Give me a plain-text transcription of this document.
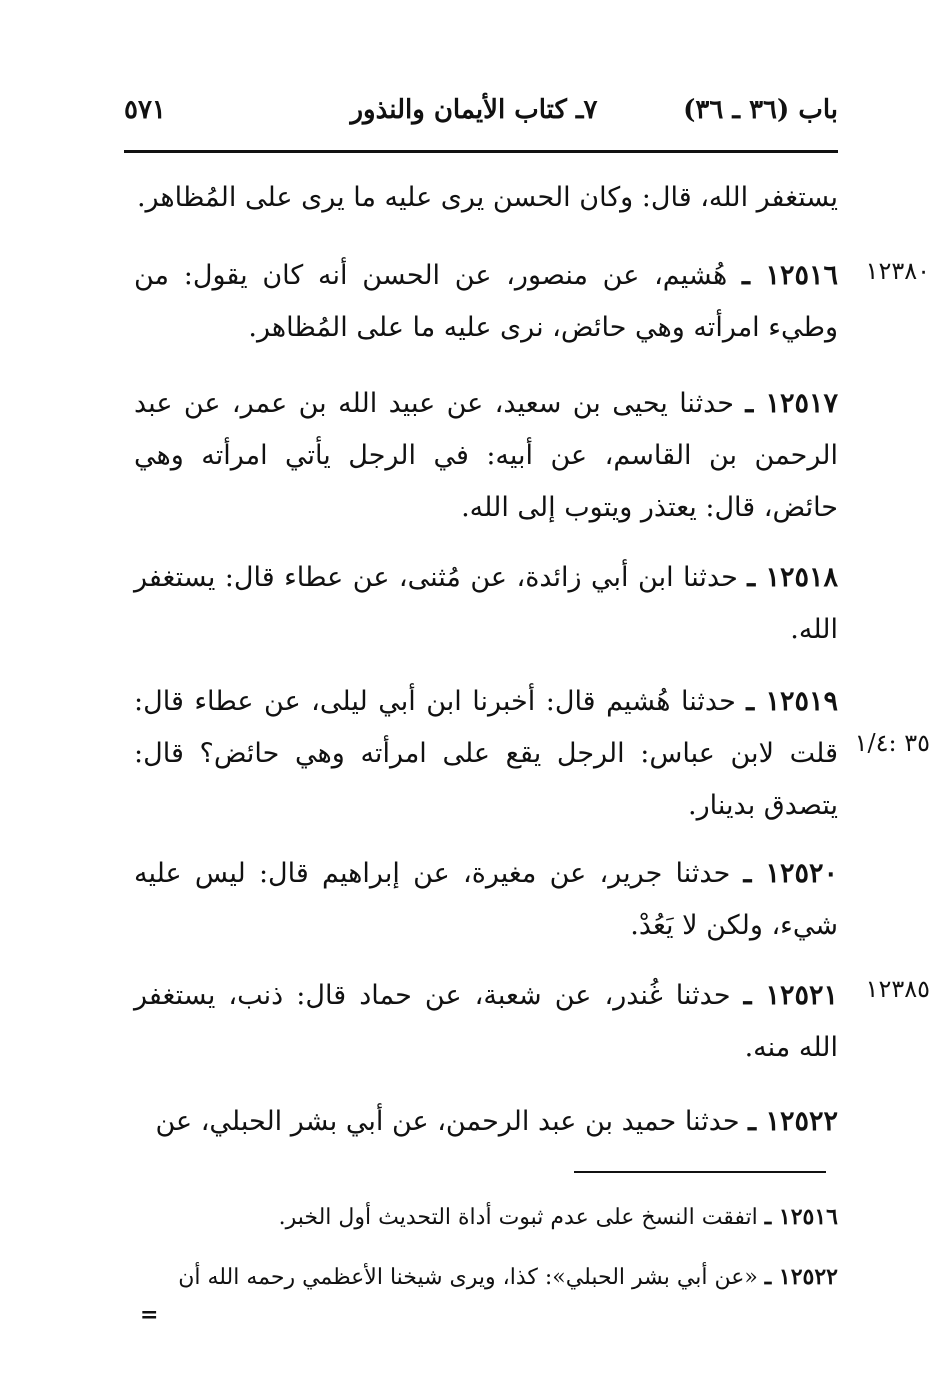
باب (٣٦ ـ ٣٦)
٧ـ كتاب الأيمان والنذور
٥٧١
يستغفر الله، قال: وكان الحسن يرى عليه ما يرى على المُظاهر.
١٢٥١٦ ـ هُشيم، عن منصور، عن الحسن أنه كان يقول: من وطيء امرأته وهي حائض، نرى عليه ما على المُظاهر.
١٢٥١٧ ـ حدثنا يحيى بن سعيد، عن عبيد الله بن عمر، عن عبد الرحمن بن القاسم، عن أبيه: في الرجل يأتي امرأته وهي حائض، قال: يعتذر ويتوب إلى الله.
١٢٥١٨ ـ حدثنا ابن أبي زائدة، عن مُثنى، عن عطاء قال: يستغفر الله.
١٢٥١٩ ـ حدثنا هُشيم قال: أخبرنا ابن أبي ليلى، عن عطاء قال: قلت لابن عباس: الرجل يقع على امرأته وهي حائض؟ قال: يتصدق بدينار.
١٢٥٢٠ ـ حدثنا جرير، عن مغيرة، عن إبراهيم قال: ليس عليه شيء، ولكن لا يَعُدْ.
١٢٥٢١ ـ حدثنا غُندر، عن شعبة، عن حماد قال: ذنب، يستغفر الله منه.
١٢٥٢٢ ـ حدثنا حميد بن عبد الرحمن، عن أبي بشر الحبلي، عن
١٢٣٨٠
٣٥ :١/٤
١٢٣٨٥
١٢٥١٦ ـ اتفقت النسخ على عدم ثبوت أداة التحديث أول الخبر.
١٢٥٢٢ ـ «عن أبي بشر الحبلي»: كذا، ويرى شيخنا الأعظمي رحمه الله أن
=
